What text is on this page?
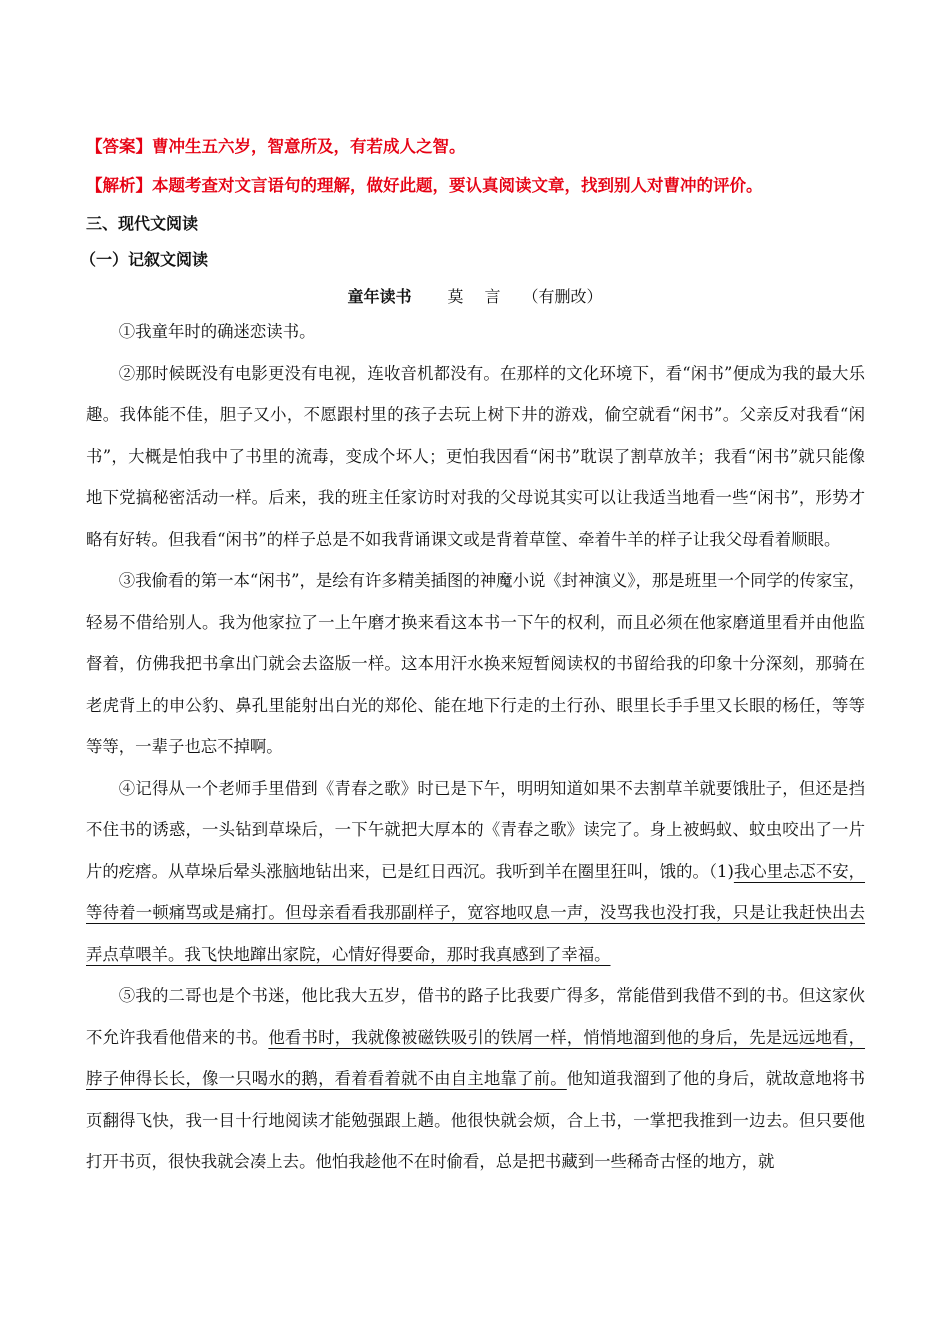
【答案】曹冲生五六岁，智意所及，有若成人之智。
【解析】本题考查对文言语句的理解，做好此题，要认真阅读文章，找到别人对曹冲的评价。
三、现代文阅读
（一）记叙文阅读
童年读书 莫 言 （有删改）

①我童年时的确迷恋读书。

②那时候既没有电影更没有电视，连收音机都没有。在那样的文化环境下，看“闲书”便成为我的最大乐趣。我体能不佳，胆子又小，不愿跟村里的孩子去玩上树下井的游戏，偷空就看“闲书”。父亲反对我看“闲书”，大概是怕我中了书里的流毒，变成个坏人；更怕我因看“闲书”耽误了割草放羊；我看“闲书”就只能像地下党搞秘密活动一样。后来，我的班主任家访时对我的父母说其实可以让我适当地看一些“闲书”，形势才略有好转。但我看“闲书”的样子总是不如我背诵课文或是背着草筐、牵着牛羊的样子让我父母看着顺眼。

③我偷看的第一本“闲书”，是绘有许多精美插图的神魔小说《封神演义》，那是班里一个同学的传家宝，轻易不借给别人。我为他家拉了一上午磨才换来看这本书一下午的权利，而且必须在他家磨道里看并由他监督着，仿佛我把书拿出门就会去盗版一样。这本用汗水换来短暂阅读权的书留给我的印象十分深刻，那骑在老虎背上的申公豹、鼻孔里能射出白光的郑伦、能在地下行走的土行孙、眼里长手手里又长眼的杨任，等等等等，一辈子也忘不掉啊。

④记得从一个老师手里借到《青春之歌》时已是下午，明明知道如果不去割草羊就要饿肚子，但还是挡不住书的诱惑，一头钻到草垛后，一下午就把大厚本的《青春之歌》读完了。身上被蚂蚁、蚊虫咬出了一片片的疙瘩。从草垛后晕头涨脑地钻出来，已是红日西沉。我听到羊在圈里狂叫，饿的。（1)我心里忐忑不安，等待着一顿痛骂或是痛打。但母亲看看我那副样子，宽容地叹息一声，没骂我也没打我，只是让我赶快出去弄点草喂羊。我飞快地蹿出家院，心情好得要命，那时我真感到了幸福。

⑤我的二哥也是个书迷，他比我大五岁，借书的路子比我要广得多，常能借到我借不到的书。但这家伙不允许我看他借来的书。他看书时，我就像被磁铁吸引的铁屑一样，悄悄地溜到他的身后，先是远远地看，脖子伸得长长，像一只喝水的鹅，看着看着就不由自主地靠了前。他知道我溜到了他的身后，就故意地将书页翻得飞快，我一目十行地阅读才能勉强跟上趟。他很快就会烦，合上书，一掌把我推到一边去。但只要他打开书页，很快我就会凑上去。他怕我趁他不在时偷看，总是把书藏到一些稀奇古怪的地方，就
